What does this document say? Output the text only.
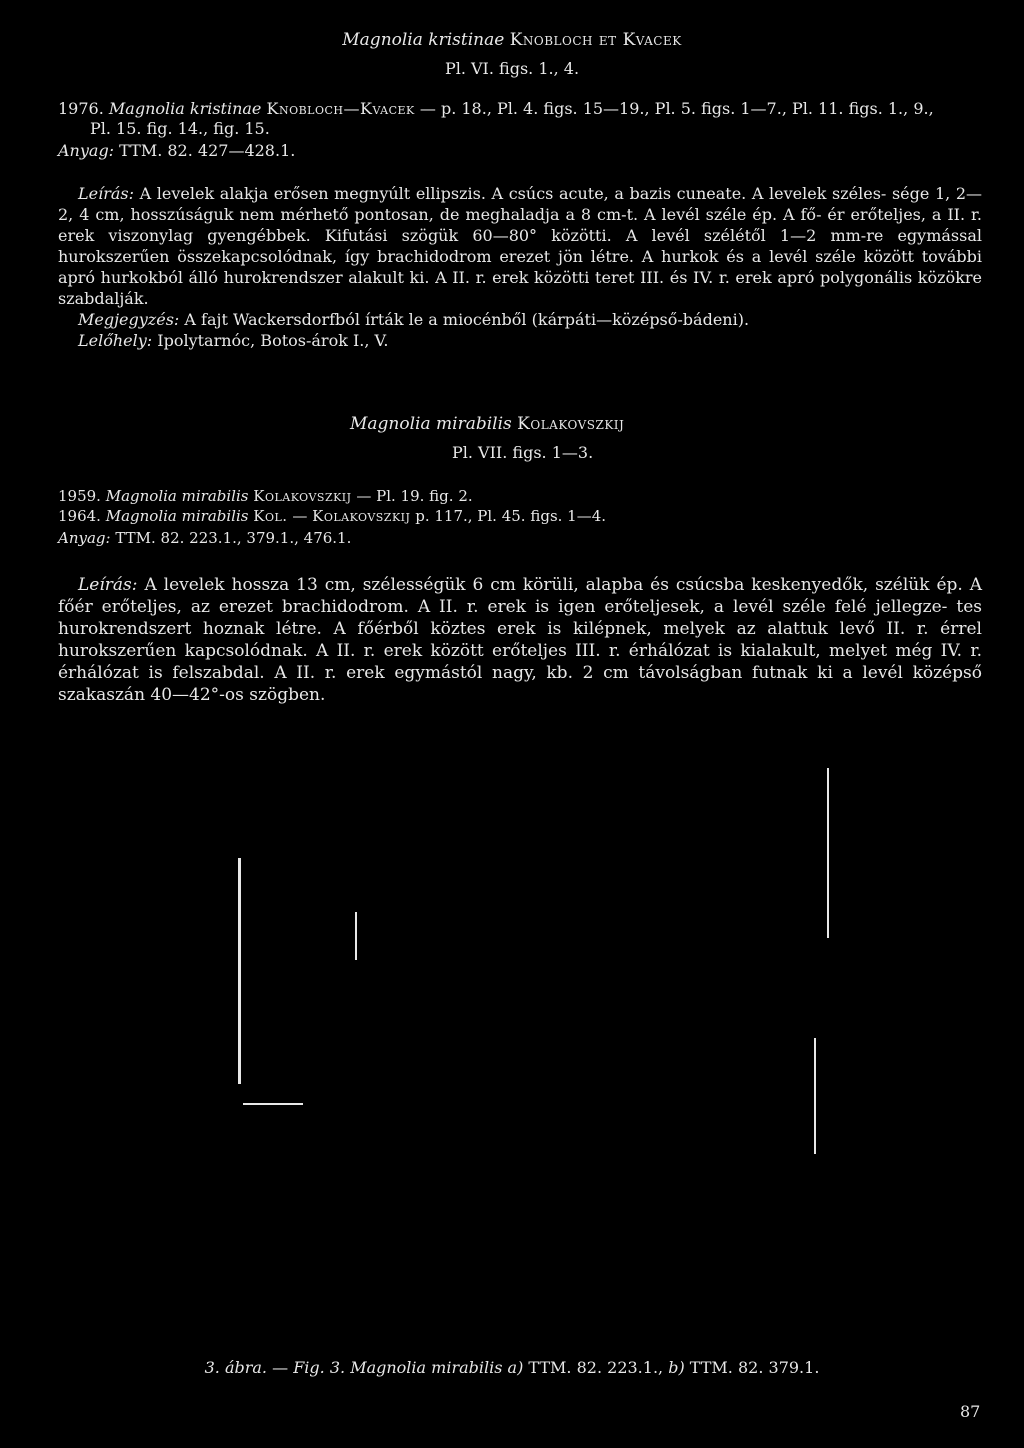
Magnolia kristinae Knobloch et Kvacek
Pl. VI. figs. 1., 4.
1976. Magnolia kristinae Knobloch—Kvacek — p. 18., Pl. 4. figs. 15—19., Pl. 5. figs. 1—7., Pl. 11. figs. 1., 9.,
Pl. 15. fig. 14., fig. 15.
Anyag: TTM. 82. 427—428.1.

Leírás: A levelek alakja erősen megnyúlt ellipszis. A csúcs acute, a bazis cuneate. A levelek széles- sége 1, 2—2, 4 cm, hosszúságuk nem mérhető pontosan, de meghaladja a 8 cm-t. A levél széle ép. A fő- ér erőteljes, a II. r. erek viszonylag gyengébbek. Kifutási szögük 60—80° közötti. A levél szélétől 1—2 mm-re egymással hurokszerűen összekapcsolódnak, így brachidodrom erezet jön létre. A hurkok és a levél széle között további apró hurkokból álló hurokrendszer alakult ki. A II. r. erek közötti teret III. és IV. r. erek apró polygonális közökre szabdalják.

Megjegyzés: A fajt Wackersdorfból írták le a miocénből (kárpáti—középső-bádeni).

Lelőhely: Ipolytarnóc, Botos-árok I., V.

Magnolia mirabilis Kolakovszkij
Pl. VII. figs. 1—3.
1959. Magnolia mirabilis Kolakovszkij — Pl. 19. fig. 2.
1964. Magnolia mirabilis Kol. — Kolakovszkij p. 117., Pl. 45. figs. 1—4.
Anyag: TTM. 82. 223.1., 379.1., 476.1.

Leírás: A levelek hossza 13 cm, szélességük 6 cm körüli, alapba és csúcsba keskenyedők, szélük ép. A főér erőteljes, az erezet brachidodrom. A II. r. erek is igen erőteljesek, a levél széle felé jellegze- tes hurokrendszert hoznak létre. A főérből köztes erek is kilépnek, melyek az alattuk levő II. r. érrel hurokszerűen kapcsolódnak. A II. r. erek között erőteljes III. r. érhálózat is kialakult, melyet még IV. r. érhálózat is felszabdal. A II. r. erek egymástól nagy, kb. 2 cm távolságban futnak ki a levél középső szakaszán 40—42°-os szögben.

3. ábra. — Fig. 3. Magnolia mirabilis a) TTM. 82. 223.1., b) TTM. 82. 379.1.
87
